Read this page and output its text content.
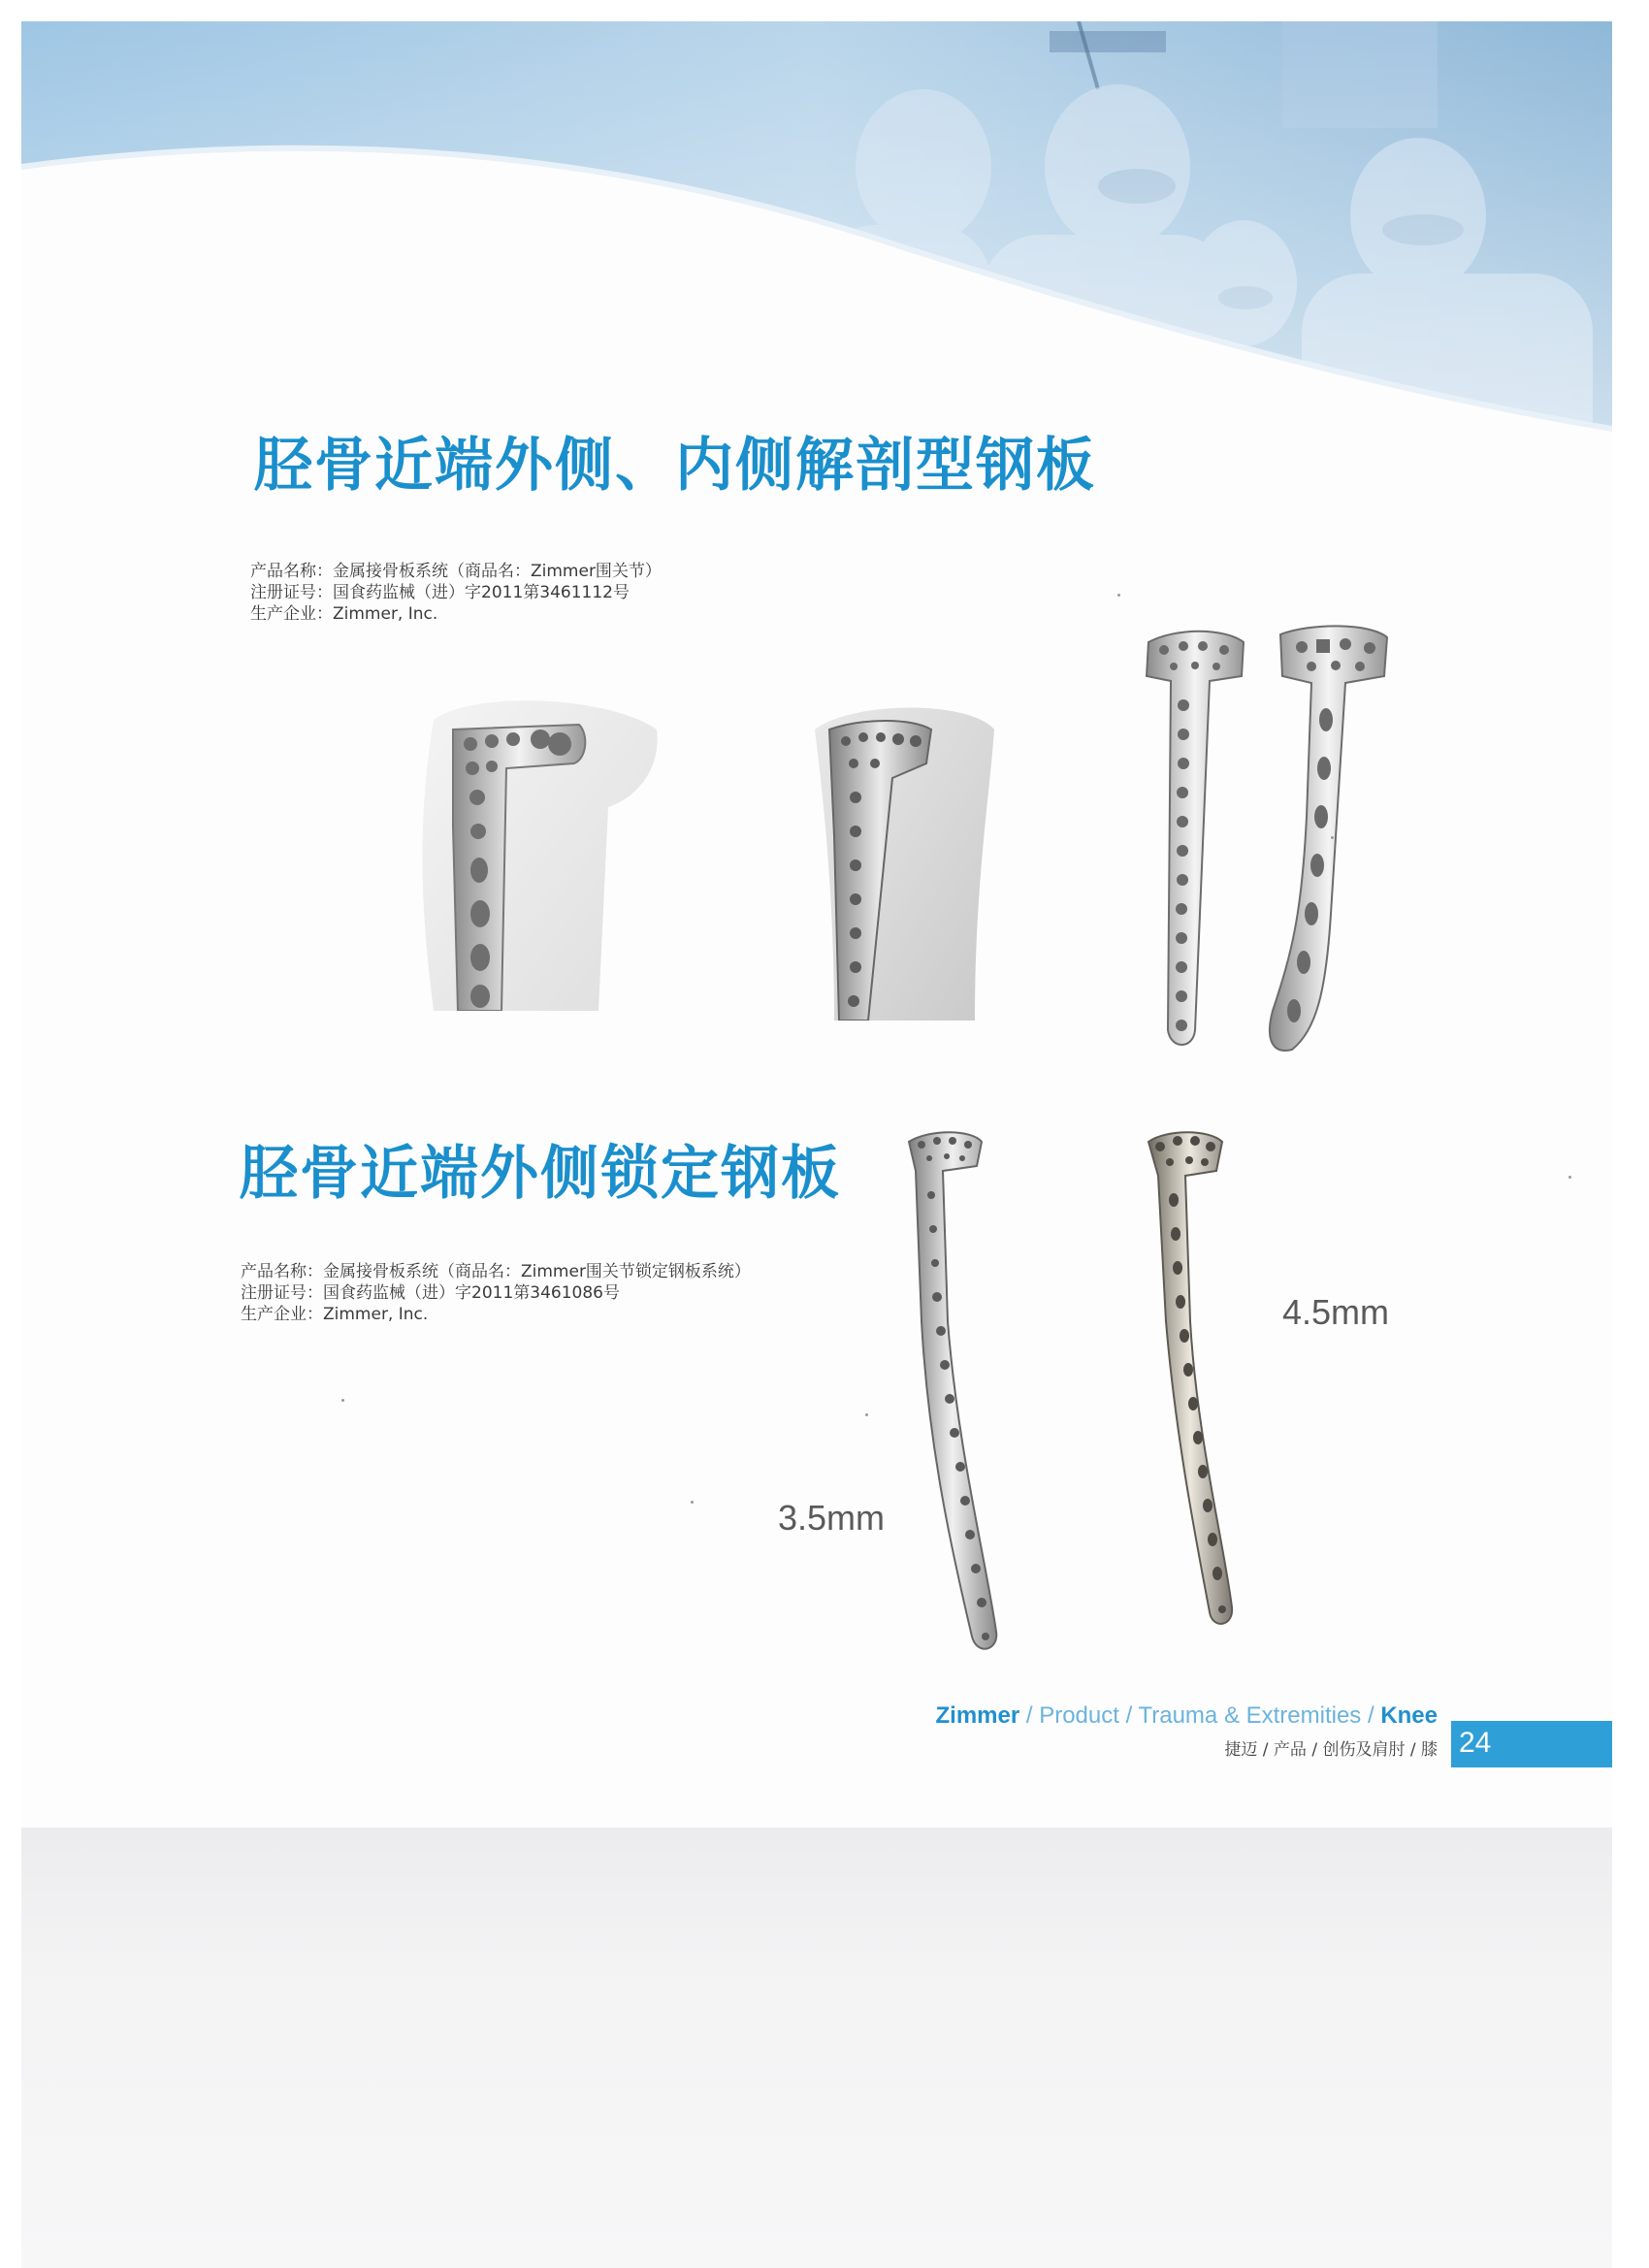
胫骨近端外侧、内侧解剖型钢板
产品名称：金属接骨板系统（商品名：Zimmer围关节）
注册证号：国食药监械（进）字2011第3461112号
生产企业：Zimmer, Inc.
胫骨近端外侧锁定钢板
产品名称：金属接骨板系统（商品名：Zimmer围关节锁定钢板系统）
注册证号：国食药监械（进）字2011第3461086号
生产企业：Zimmer, Inc.	4.5mm
3.5mm
Zimmer / Product / Trauma & Extremities / Knee
捷迈 / 产品 / 创伤及肩肘 / 膝 24
